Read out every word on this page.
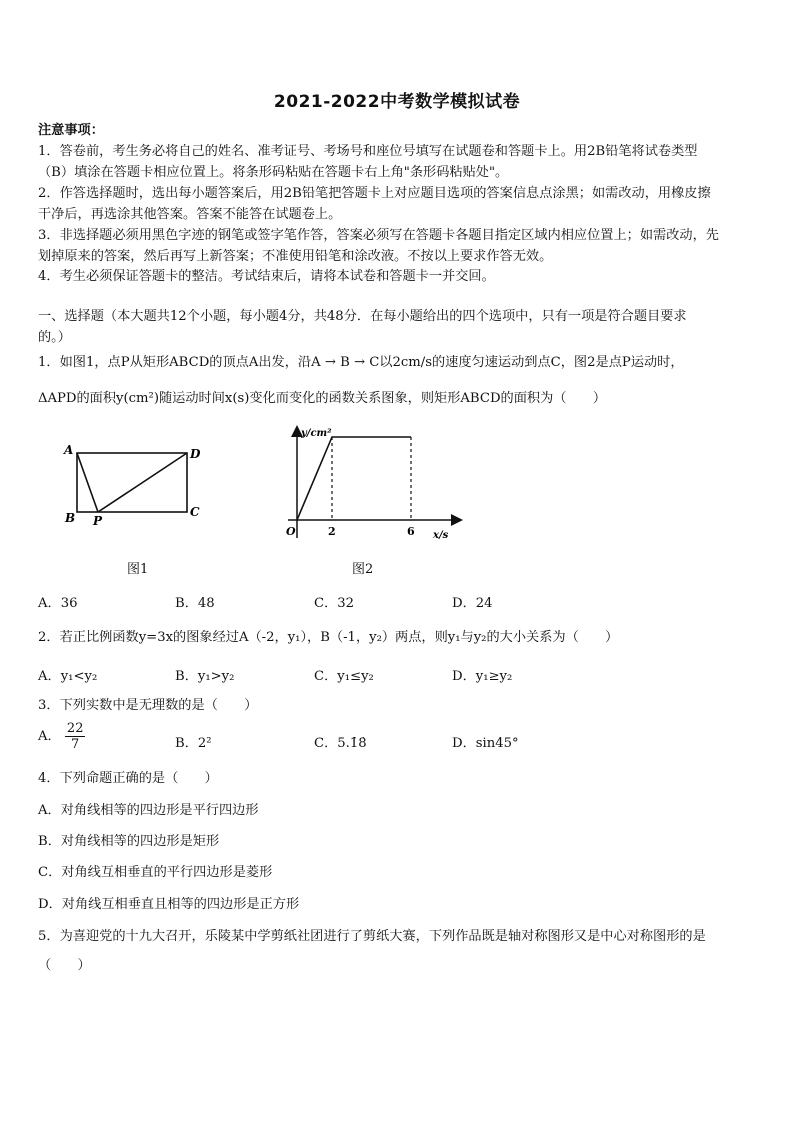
2021-2022中考数学模拟试卷
注意事项：
1．答卷前，考生务必将自己的姓名、准考证号、考场号和座位号填写在试题卷和答题卡上。用2B铅笔将试卷类型
（B）填涂在答题卡相应位置上。将条形码粘贴在答题卡右上角"条形码粘贴处"。
2．作答选择题时，选出每小题答案后，用2B铅笔把答题卡上对应题目选项的答案信息点涂黑；如需改动，用橡皮擦
干净后，再选涂其他答案。答案不能答在试题卷上。
3．非选择题必须用黑色字迹的钢笔或签字笔作答，答案必须写在答题卡各题目指定区域内相应位置上；如需改动，先
划掉原来的答案，然后再写上新答案；不准使用铅笔和涂改液。不按以上要求作答无效。
4．考生必须保证答题卡的整洁。考试结束后，请将本试卷和答题卡一并交回。
一、选择题（本大题共12个小题，每小题4分，共48分．在每小题给出的四个选项中，只有一项是符合题目要求
的。）
1．如图1，点P从矩形ABCD的顶点A出发，沿A → B → C以2cm/s的速度匀速运动到点C，图2是点P运动时，
ΔAPD的面积y(cm²)随运动时间x(s)变化而变化的函数关系图象，则矩形ABCD的面积为（　　）
A	D
B P
C
图1
y/cm²
x/s
O	2	6
图2
A．36	B．48	C．32	D．24
2．若正比例函数y=3x的图象经过A（-2，y₁），B（-1，y₂）两点，则y₁与y₂的大小关系为（　　）
A．y₁<y₂	B．y₁>y₂	C．y₁≤y₂	D．y₁≥y₂
3．下列实数中是无理数的是（　　）
A． $\frac{22}{7}$	B．2²	C．5.1̇8̇	D．sin45°
4．下列命题正确的是（　　）
A．对角线相等的四边形是平行四边形
B．对角线相等的四边形是矩形
C．对角线互相垂直的平行四边形是菱形
D．对角线互相垂直且相等的四边形是正方形
5．为喜迎党的十九大召开，乐陵某中学剪纸社团进行了剪纸大赛，下列作品既是轴对称图形又是中心对称图形的是
（　　）
